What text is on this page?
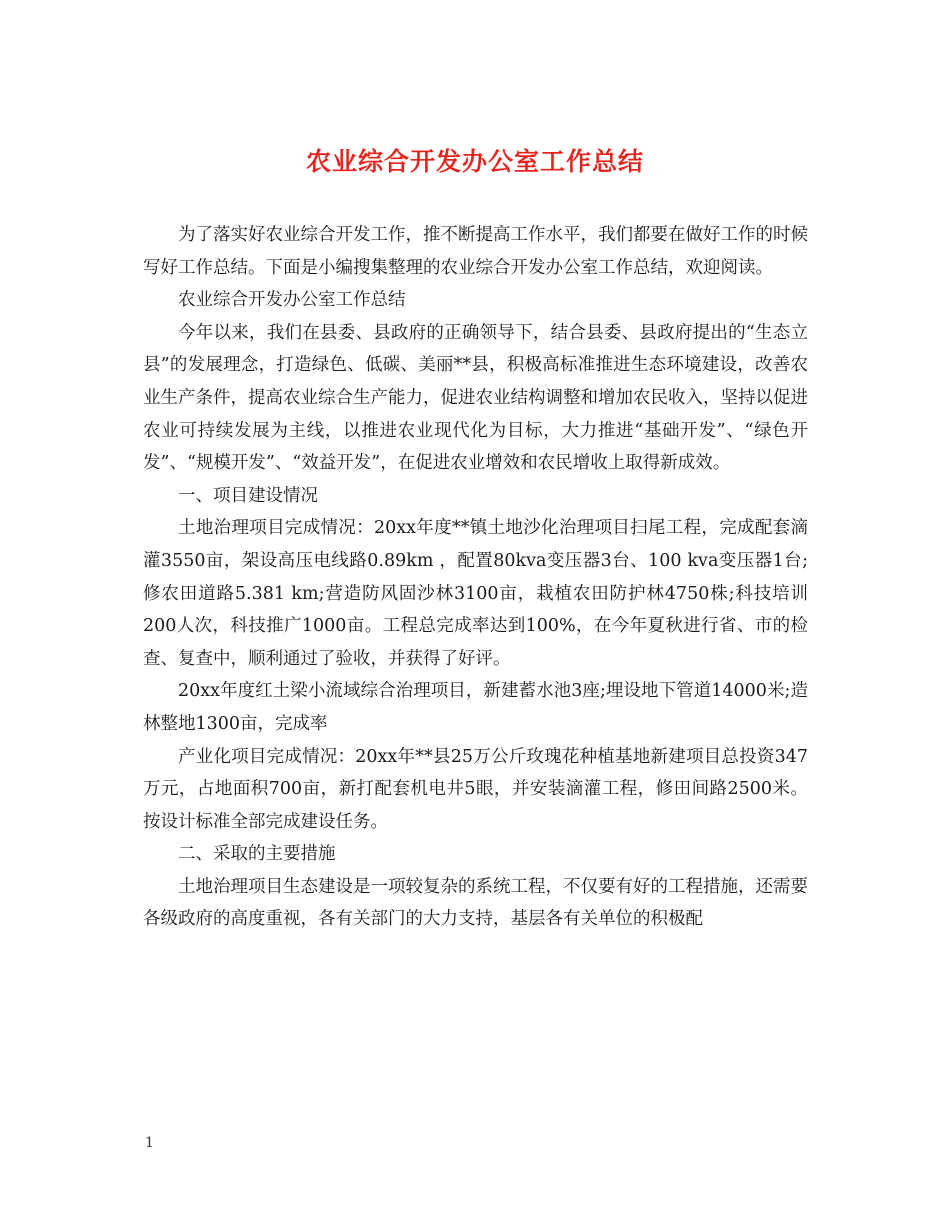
农业综合开发办公室工作总结

为了落实好农业综合开发工作，推不断提高工作水平，我们都要在做好工作的时候写好工作总结。下面是小编搜集整理的农业综合开发办公室工作总结，欢迎阅读。

农业综合开发办公室工作总结

今年以来，我们在县委、县政府的正确领导下，结合县委、县政府提出的“生态立县”的发展理念，打造绿色、低碳、美丽**县，积极高标准推进生态环境建设，改善农业生产条件，提高农业综合生产能力，促进农业结构调整和增加农民收入，坚持以促进农业可持续发展为主线，以推进农业现代化为目标，大力推进“基础开发”、“绿色开发”、“规模开发”、“效益开发”，在促进农业增效和农民增收上取得新成效。

一、项目建设情况

土地治理项目完成情况：20xx年度**镇土地沙化治理项目扫尾工程，完成配套滴灌3550亩，架设高压电线路0.89km ，配置80kva变压器3台、100 kva变压器1台;修农田道路5.381 km;营造防风固沙林3100亩，栽植农田防护林4750株;科技培训200人次，科技推广1000亩。工程总完成率达到100%，在今年夏秋进行省、市的检查、复查中，顺利通过了验收，并获得了好评。

20xx年度红土梁小流域综合治理项目，新建蓄水池3座;埋设地下管道14000米;造林整地1300亩，完成率

产业化项目完成情况：20xx年**县25万公斤玫瑰花种植基地新建项目总投资347万元，占地面积700亩，新打配套机电井5眼，并安装滴灌工程，修田间路2500米。按设计标准全部完成建设任务。

二、采取的主要措施

土地治理项目生态建设是一项较复杂的系统工程，不仅要有好的工程措施，还需要各级政府的高度重视，各有关部门的大力支持，基层各有关单位的积极配

1
